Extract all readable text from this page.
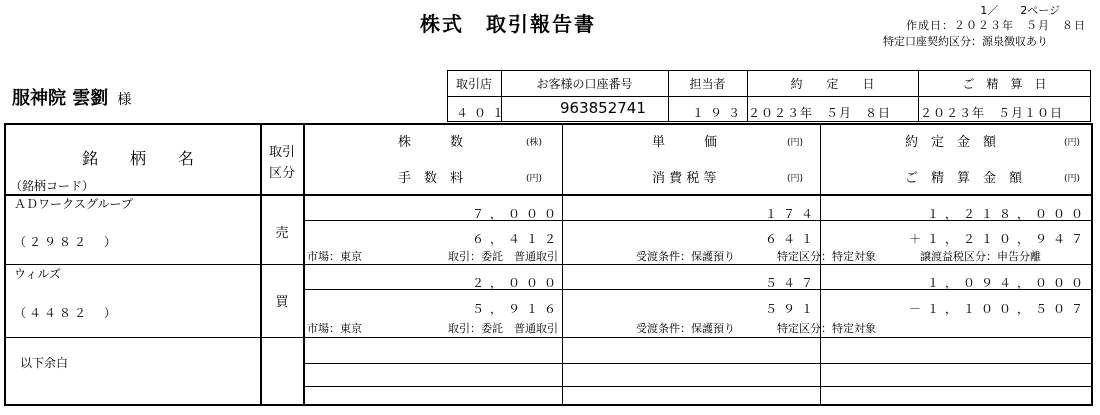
株式　取引報告書
1／　　2ページ
作成日：２０２３年　５月　８日
特定口座契約区分：源泉徴収あり
服神院 雲劉 様
取引店	お客様の口座番号	担当者	約　　定　　日	ご　精　算　日
４０１	963852741	１９３ ２０２３年　５月　８日 ２０２３年　５月１０日
銘　　柄　　名
（銘柄コード）
取引
区分
株　　　数	(株)	単　　　価	(円)	約　定　金　額	(円)
手　数　料	(円)	消 費 税 等	(円)	ご　精　算　金　額	(円)
ＡＤワークスグループ
（２９８２　）
売
７，０００	１７４	１，２１８，０００
６，４１２	６４１	＋１，２１０，９４７
市場：東京	取引：委託　普通取引	受渡条件：保護預り	特定区分：特定対象	譲渡益税区分：申告分離
ウィルズ
（４４８２　）
買
２，０００	５４７	１，０９４，０００
５，９１６	５９１	－１，１００，５０７
市場：東京	取引：委託　普通取引	受渡条件：保護預り	特定区分：特定対象
以下余白
